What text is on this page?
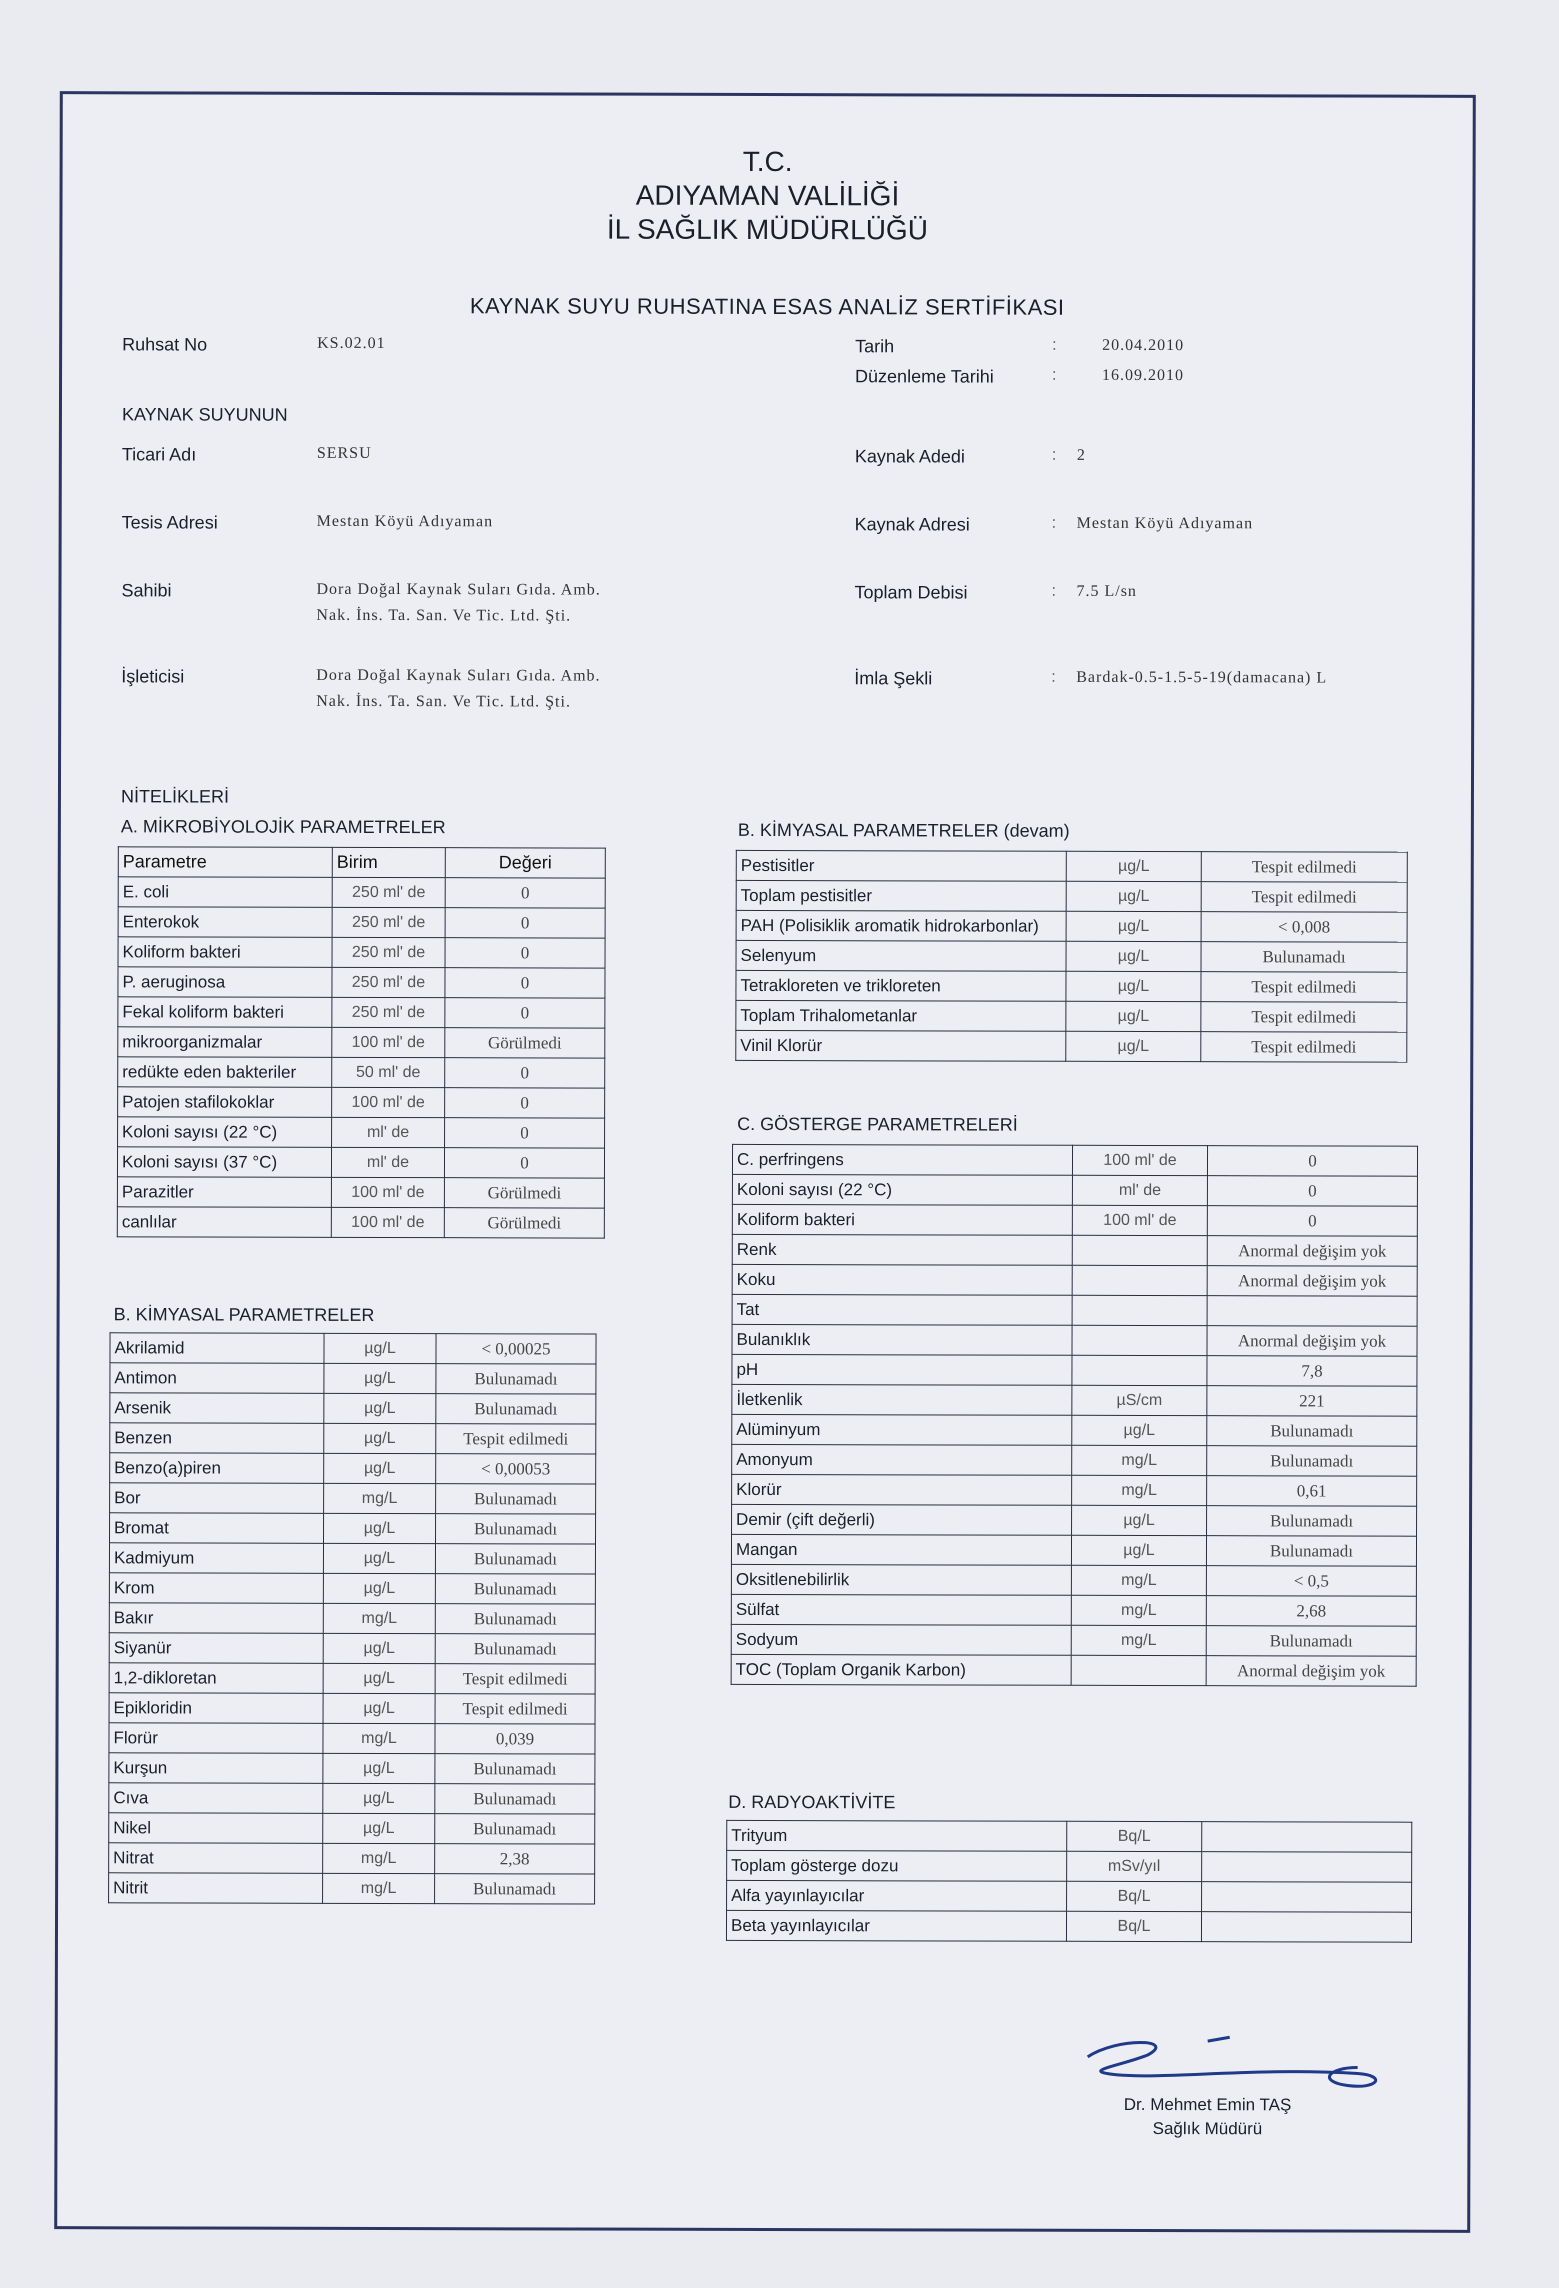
T.C.
ADIYAMAN VALİLİĞİ
İL SAĞLIK MÜDÜRLÜĞÜ
KAYNAK SUYU RUHSATINA ESAS ANALİZ SERTİFİKASI
Ruhsat No	KS.02.01	Tarih	:	20.04.2010
Düzenleme Tarihi	:	16.09.2010
KAYNAK SUYUNUN
Ticari Adı	SERSU	Kaynak Adedi	: 2
Tesis Adresi	Mestan Köyü Adıyaman	Kaynak Adresi	: Mestan Köyü Adıyaman
Sahibi	Dora Doğal Kaynak Suları Gıda. Amb.
Nak. İns. Ta. San. Ve Tic. Ltd. Şti.
Toplam Debisi	: 7.5 L/sn
İşleticisi	Dora Doğal Kaynak Suları Gıda. Amb.
Nak. İns. Ta. San. Ve Tic. Ltd. Şti.
İmla Şekli	: Bardak-0.5-1.5-5-19(damacana) L
NİTELİKLERİ
A. MİKROBİYOLOJİK PARAMETRELER
Parametre	Birim	Değeri
E. coli	250 ml' de	0
Enterokok	250 ml' de	0
Koliform bakteri	250 ml' de	0
P. aeruginosa	250 ml' de	0
Fekal koliform bakteri	250 ml' de	0
mikroorganizmalar	100 ml' de	Görülmedi
redükte eden bakteriler	50 ml' de	0
Patojen stafilokoklar	100 ml' de	0
Koloni sayısı (22 °C)	ml' de	0
Koloni sayısı (37 °C)	ml' de	0
Parazitler	100 ml' de	Görülmedi
canlılar	100 ml' de	Görülmedi
B. KİMYASAL PARAMETRELER
Akrilamid	µg/L	< 0,00025
Antimon	µg/L	Bulunamadı
Arsenik	µg/L	Bulunamadı
Benzen	µg/L	Tespit edilmedi
Benzo(a)piren	µg/L	< 0,00053
Bor	mg/L	Bulunamadı
Bromat	µg/L	Bulunamadı
Kadmiyum	µg/L	Bulunamadı
Krom	µg/L	Bulunamadı
Bakır	mg/L	Bulunamadı
Siyanür	µg/L	Bulunamadı
1,2-dikloretan	µg/L	Tespit edilmedi
Epikloridin	µg/L	Tespit edilmedi
Florür	mg/L	0,039
Kurşun	µg/L	Bulunamadı
Cıva	µg/L	Bulunamadı
Nikel	µg/L	Bulunamadı
Nitrat	mg/L	2,38
Nitrit	mg/L	Bulunamadı
B. KİMYASAL PARAMETRELER (devam)
Pestisitler	µg/L	Tespit edilmedi
Toplam pestisitler	µg/L	Tespit edilmedi
PAH (Polisiklik aromatik hidrokarbonlar)	µg/L	< 0,008
Selenyum	µg/L	Bulunamadı
Tetrakloreten ve trikloreten	µg/L	Tespit edilmedi
Toplam Trihalometanlar	µg/L	Tespit edilmedi
Vinil Klorür	µg/L	Tespit edilmedi
C. GÖSTERGE PARAMETRELERİ
C. perfringens	100 ml' de	0
Koloni sayısı (22 °C)	ml' de	0
Koliform bakteri	100 ml' de	0
Renk		Anormal değişim yok
Koku		Anormal değişim yok
Tat		
Bulanıklık		Anormal değişim yok
pH		7,8
İletkenlik	µS/cm	221
Alüminyum	µg/L	Bulunamadı
Amonyum	mg/L	Bulunamadı
Klorür	mg/L	0,61
Demir (çift değerli)	µg/L	Bulunamadı
Mangan	µg/L	Bulunamadı
Oksitlenebilirlik	mg/L	< 0,5
Sülfat	mg/L	2,68
Sodyum	mg/L	Bulunamadı
TOC (Toplam Organik Karbon)		Anormal değişim yok
D. RADYOAKTİVİTE
Trityum	Bq/L	
Toplam gösterge dozu	mSv/yıl	
Alfa yayınlayıcılar	Bq/L	
Beta yayınlayıcılar	Bq/L	
Dr. Mehmet Emin TAŞ
Sağlık Müdürü
